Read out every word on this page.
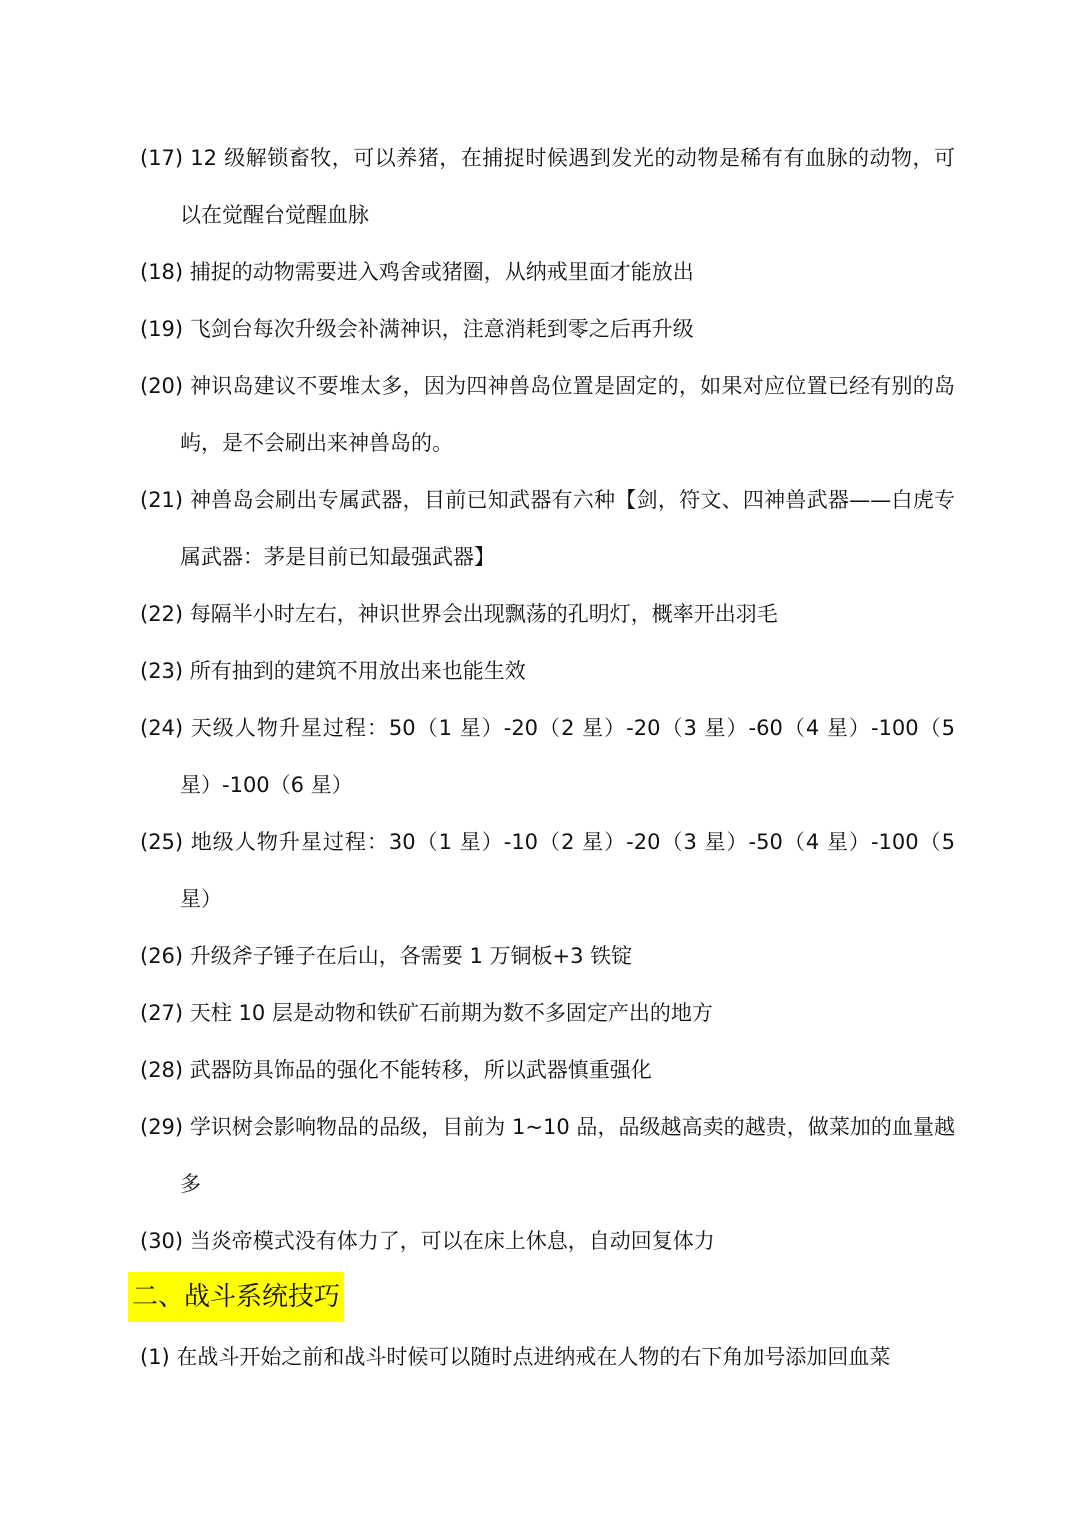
(17) 12 级解锁畜牧，可以养猪，在捕捉时候遇到发光的动物是稀有有血脉的动物，可以在觉醒台觉醒血脉
(18) 捕捉的动物需要进入鸡舍或猪圈，从纳戒里面才能放出
(19) 飞剑台每次升级会补满神识，注意消耗到零之后再升级
(20) 神识岛建议不要堆太多，因为四神兽岛位置是固定的，如果对应位置已经有别的岛屿，是不会刷出来神兽岛的。
(21) 神兽岛会刷出专属武器，目前已知武器有六种【剑，符文、四神兽武器——白虎专属武器：茅是目前已知最强武器】
(22) 每隔半小时左右，神识世界会出现飘荡的孔明灯，概率开出羽毛
(23) 所有抽到的建筑不用放出来也能生效
(24) 天级人物升星过程：50（1 星）-20（2 星）-20（3 星）-60（4 星）-100（5 星）-100（6 星）
(25) 地级人物升星过程：30（1 星）-10（2 星）-20（3 星）-50（4 星）-100（5 星）
(26) 升级斧子锤子在后山，各需要 1 万铜板+3 铁锭
(27) 天柱 10 层是动物和铁矿石前期为数不多固定产出的地方
(28) 武器防具饰品的强化不能转移，所以武器慎重强化
(29) 学识树会影响物品的品级，目前为 1~10 品，品级越高卖的越贵，做菜加的血量越多
(30) 当炎帝模式没有体力了，可以在床上休息，自动回复体力
二、战斗系统技巧
(1) 在战斗开始之前和战斗时候可以随时点进纳戒在人物的右下角加号添加回血菜
